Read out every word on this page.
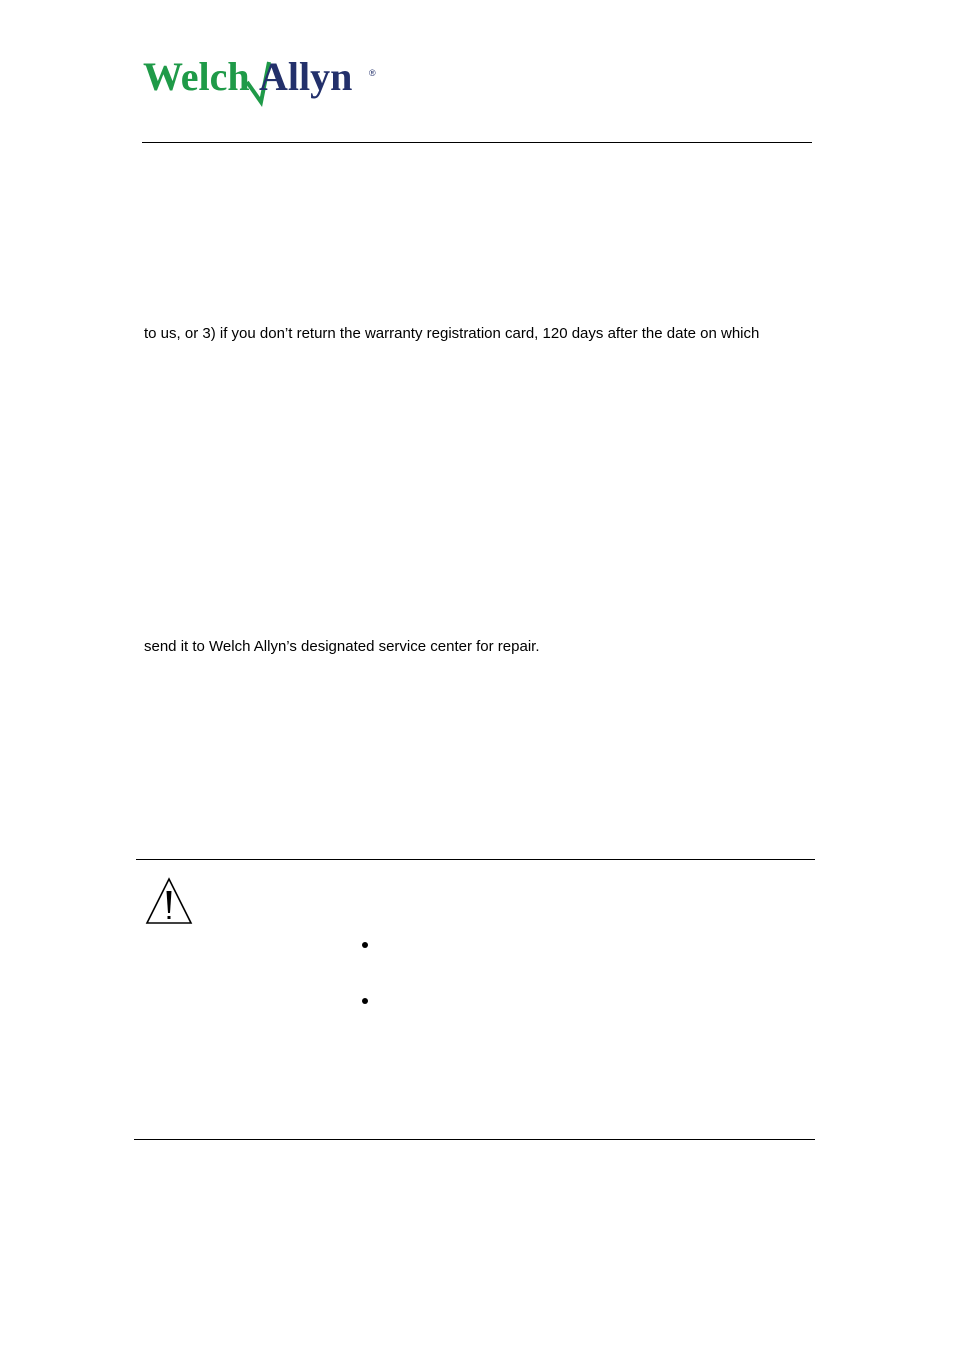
Welch Allyn ®
to us, or 3) if you don’t return the warranty registration card, 120 days after the date on which
send it to Welch Allyn’s designated service center for repair.
